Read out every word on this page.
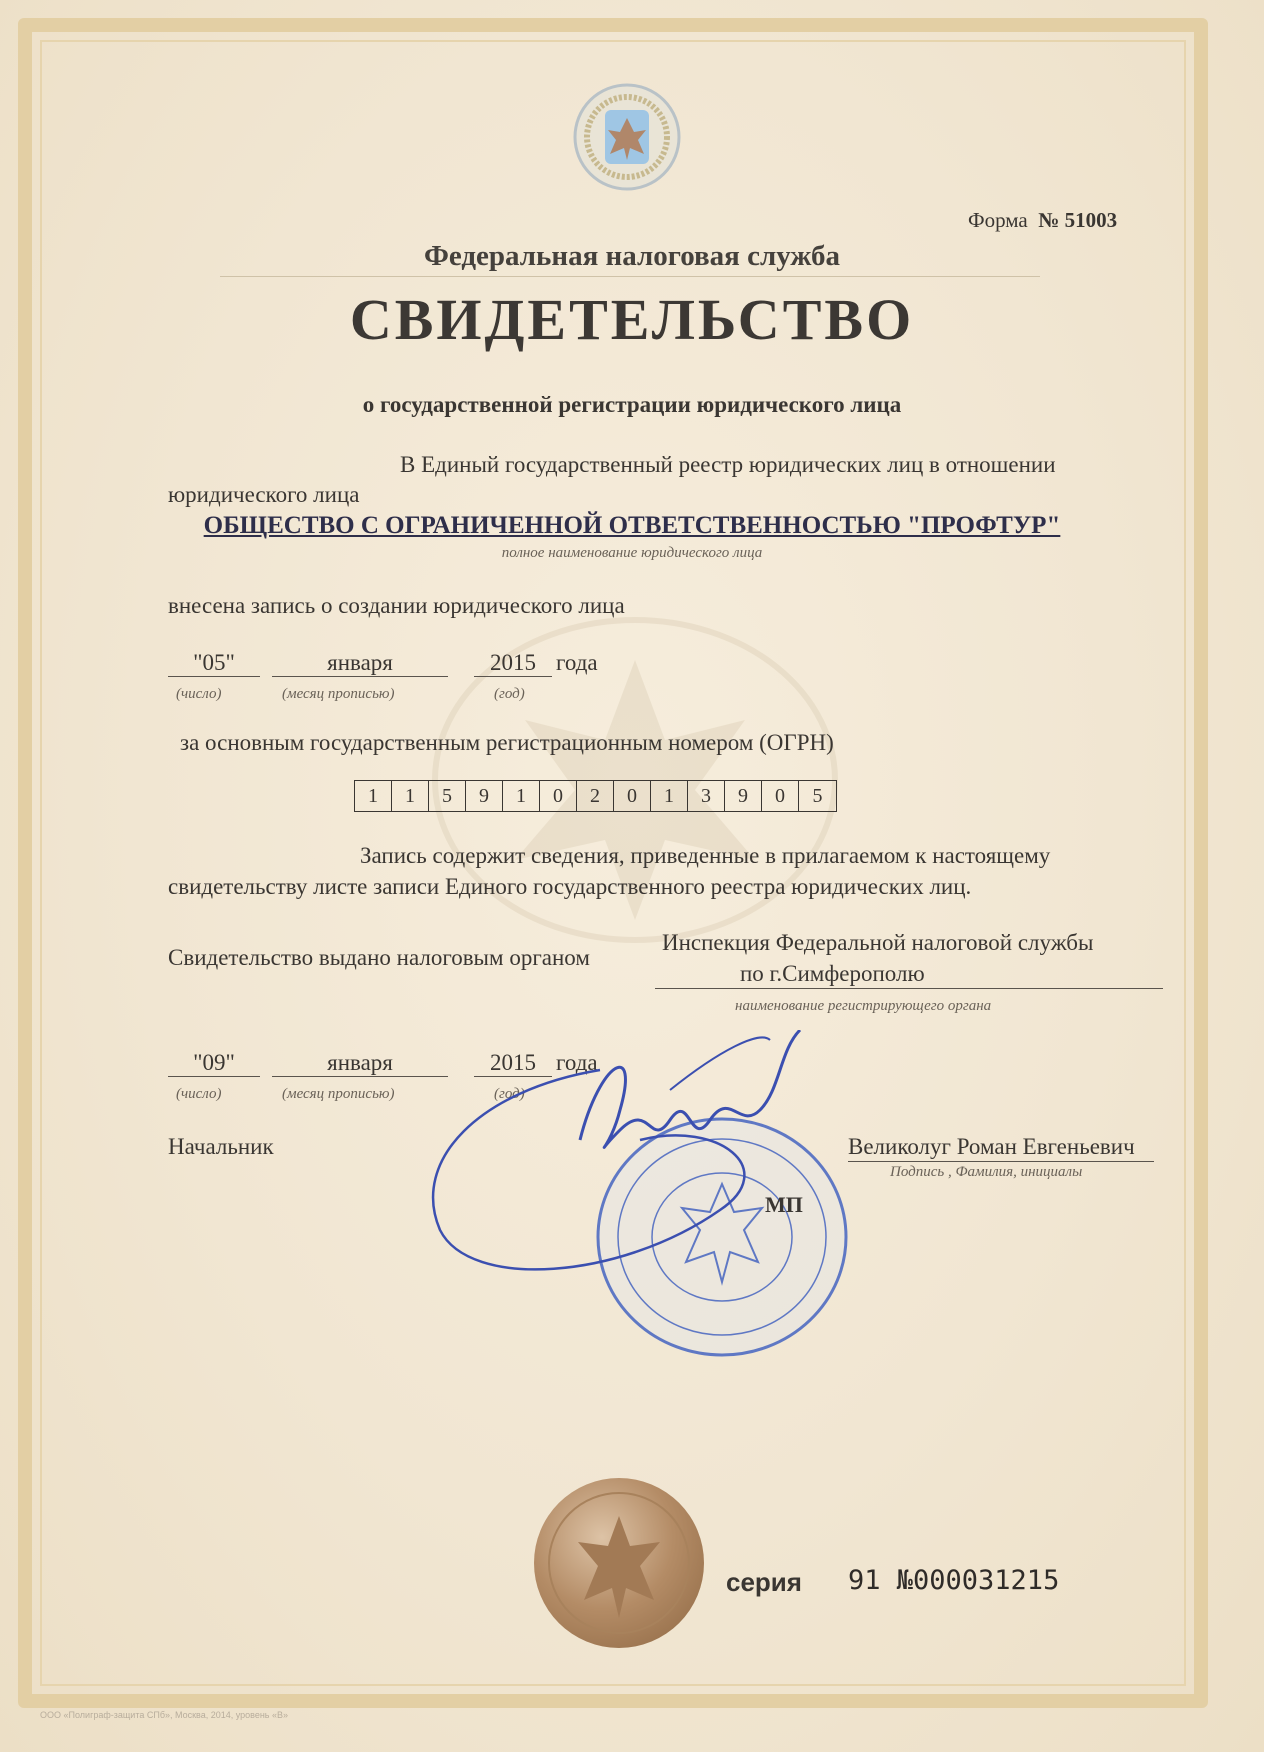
Форма № 51003
Федеральная налоговая служба
СВИДЕТЕЛЬСТВО
о государственной регистрации юридического лица
В Единый государственный реестр юридических лиц в отношении
юридического лица
ОБЩЕСТВО С ОГРАНИЧЕННОЙ ОТВЕТСТВЕННОСТЬЮ "ПРОФТУР"
полное наименование юридического лица
внесена запись о создании юридического лица
"05"	января	2015 года
(число)	(месяц прописью)	(год)
за основным государственным регистрационным номером (ОГРН)
1	1	5	9	1	0	2	0	1	3	9	0	5
Запись содержит сведения, приведенные в прилагаемом к настоящему
свидетельству листе записи Единого государственного реестра юридических лиц.
Свидетельство выдано налоговым органом
Инспекция Федеральной налоговой службы
по г.Симферополю
наименование регистрирующего органа
"09"	января	2015 года
(число)	(месяц прописью)	(год)
Начальник	Великолуг Роман Евгеньевич
Подпись , Фамилия, инициалы
МП
серия 91 №000031215
ООО «Полиграф-защита СПб», Москва, 2014, уровень «В»
